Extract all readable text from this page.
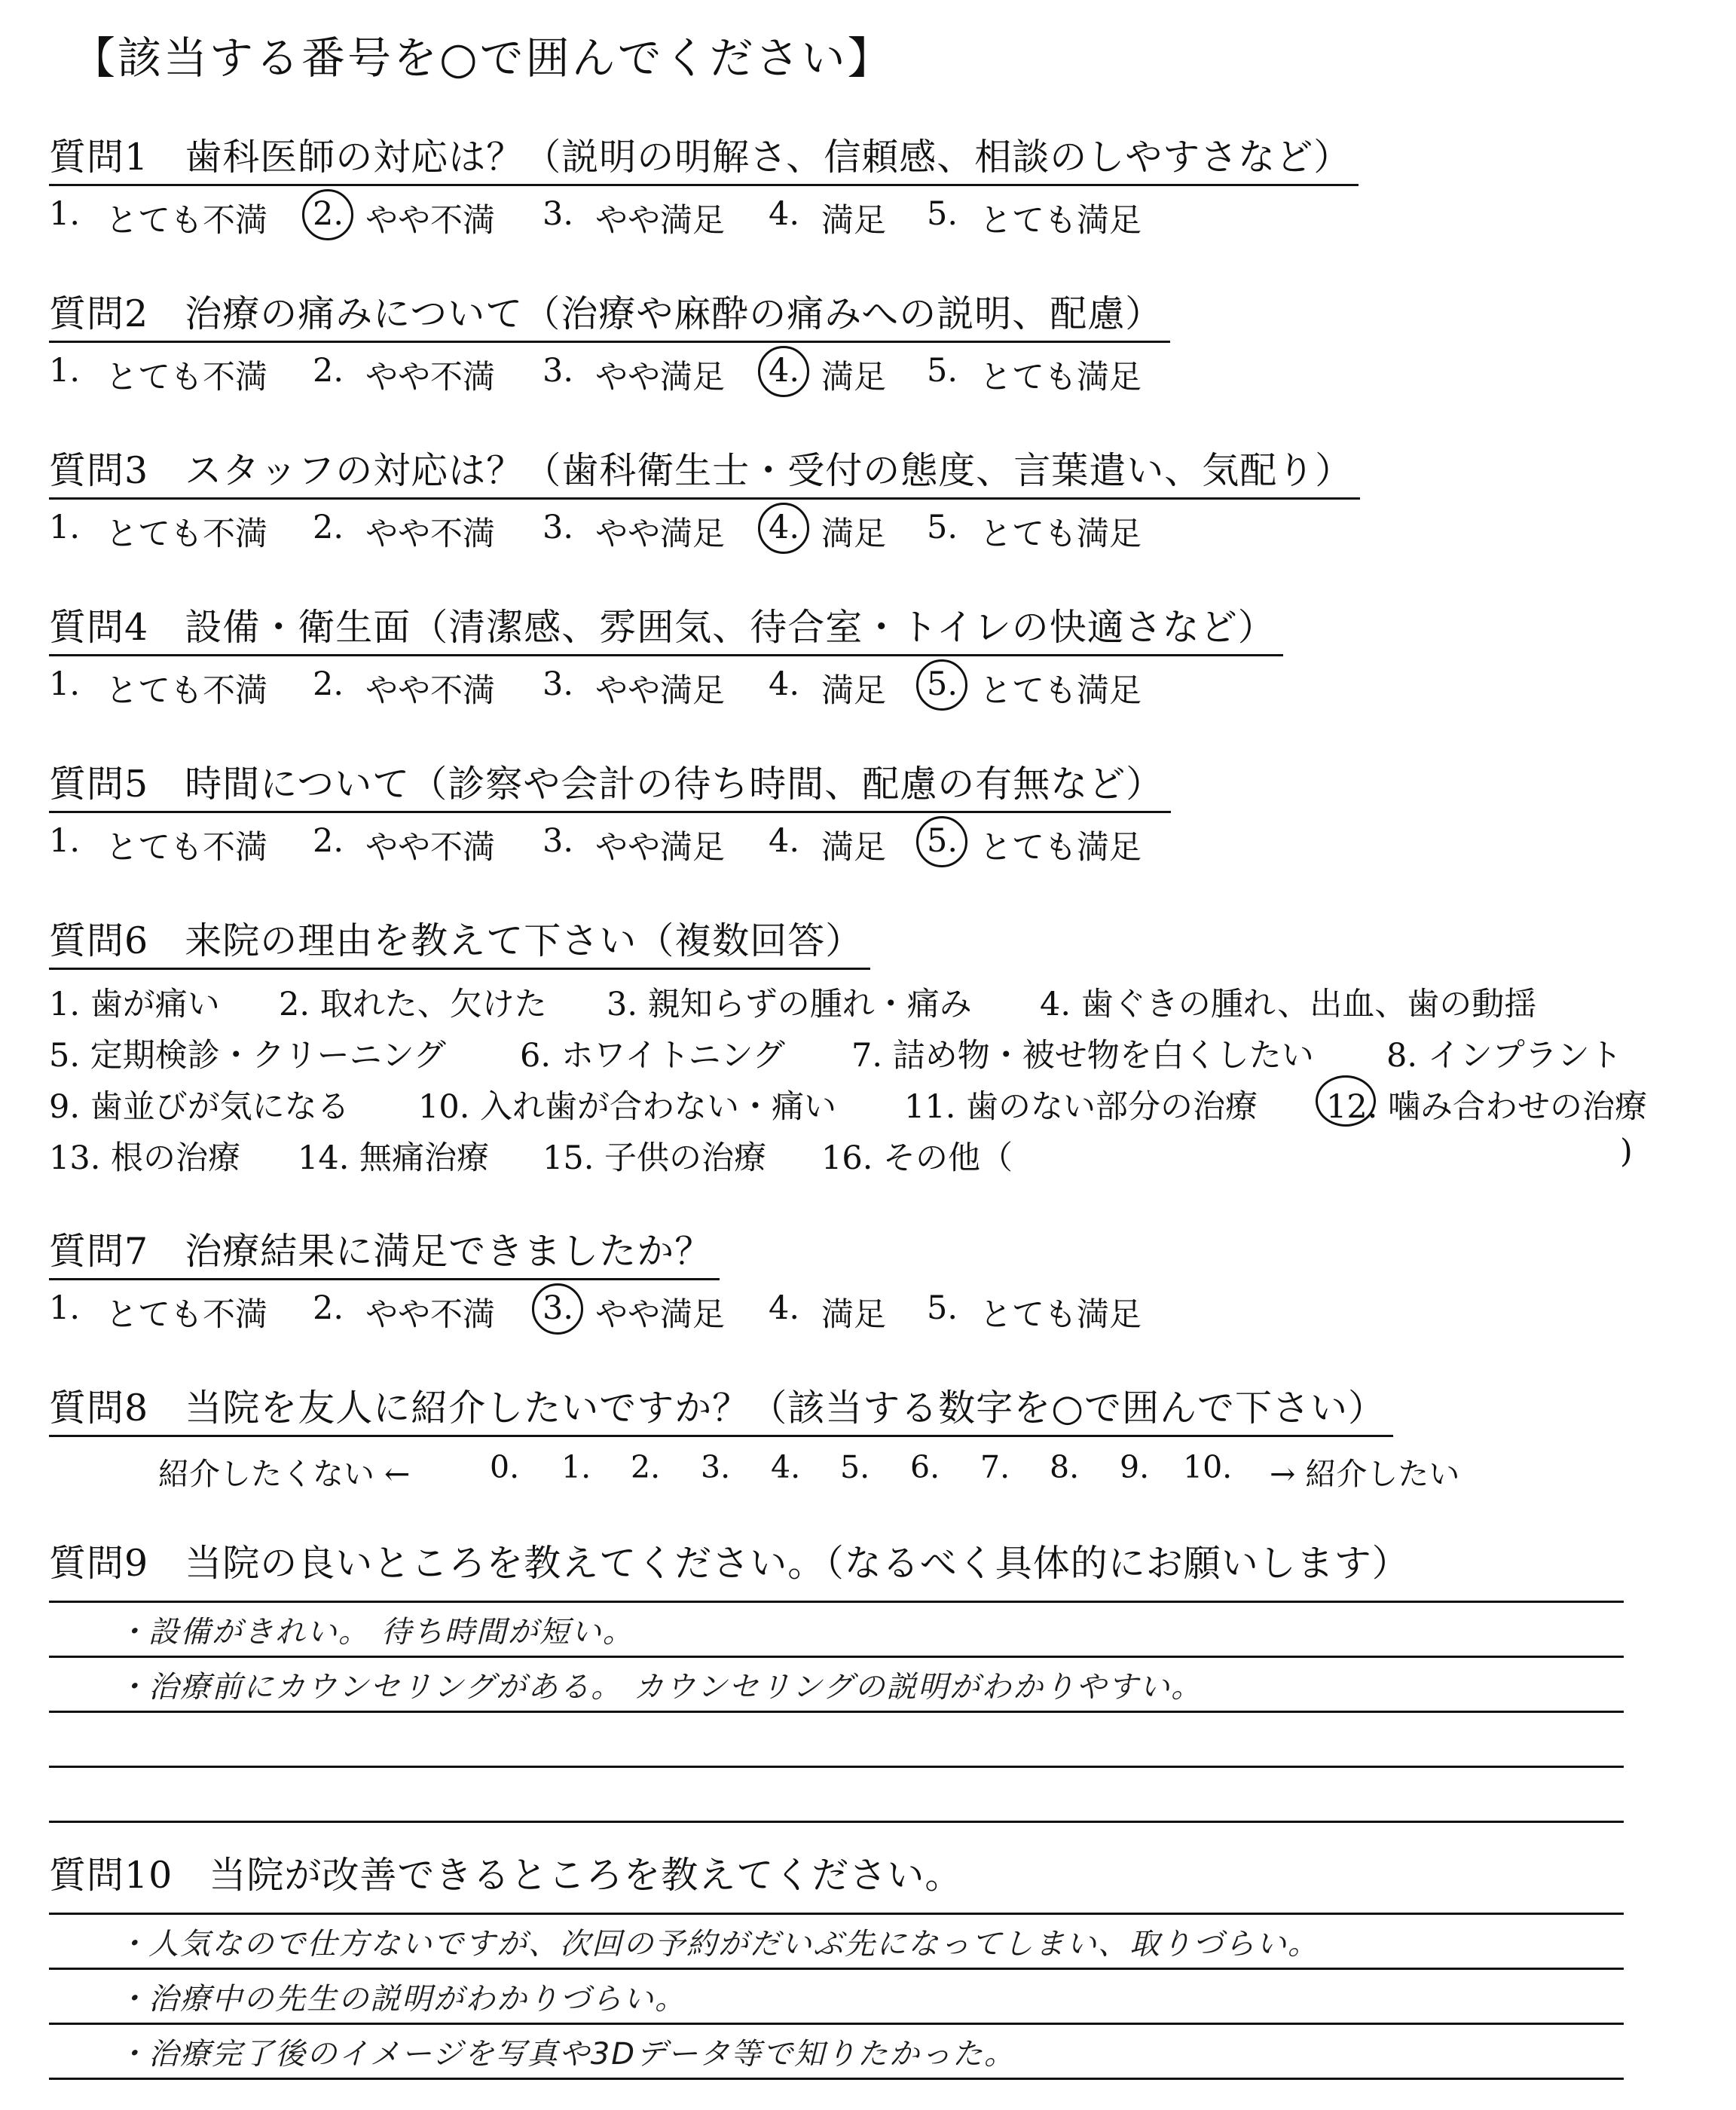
【該当する番号を○で囲んでください】
質問1 歯科医師の対応は？（説明の明解さ、信頼感、相談のしやすさなど）
1. とても不満 2. やや不満 3. やや満足 4. 満足 5. とても満足
質問2 治療の痛みについて（治療や麻酔の痛みへの説明、配慮）
1. とても不満 2. やや不満 3. やや満足 4. 満足 5. とても満足
質問3 スタッフの対応は？（歯科衛生士・受付の態度、言葉遣い、気配り）
1. とても不満 2. やや不満 3. やや満足 4. 満足 5. とても満足
質問4 設備・衛生面（清潔感、雰囲気、待合室・トイレの快適さなど）
1. とても不満 2. やや不満 3. やや満足 4. 満足 5. とても満足
質問5 時間について（診察や会計の待ち時間、配慮の有無など）
1. とても不満 2. やや不満 3. やや満足 4. 満足 5. とても満足
質問6 来院の理由を教えて下さい（複数回答）
1. 歯が痛い 2. 取れた、欠けた 3. 親知らずの腫れ・痛み 4. 歯ぐきの腫れ、出血、歯の動揺
5. 定期検診・クリーニング 6. ホワイトニング 7. 詰め物・被せ物を白くしたい 8. インプラント
9. 歯並びが気になる 10. 入れ歯が合わない・痛い 11. 歯のない部分の治療 12. 噛み合わせの治療
13. 根の治療 14. 無痛治療 15. 子供の治療 16. その他（	)
質問7 治療結果に満足できましたか？
1. とても不満 2. やや不満 3. やや満足 4. 満足 5. とても満足
質問8 当院を友人に紹介したいですか？（該当する数字を○で囲んで下さい）
紹介したくない ←	0. 1. 2. 3. 4. 5. 6. 7. 8. 9. 10. → 紹介したい
質問9 当院の良いところを教えてください。（なるべく具体的にお願いします）
・設備がきれい。 待ち時間が短い。
・治療前にカウンセリングがある。 カウンセリングの説明がわかりやすい。
質問10 当院が改善できるところを教えてください。
・人気なので仕方ないですが、次回の予約がだいぶ先になってしまい、取りづらい。
・治療中の先生の説明がわかりづらい。
・治療完了後のイメージを写真や3Dデータ等で知りたかった。
